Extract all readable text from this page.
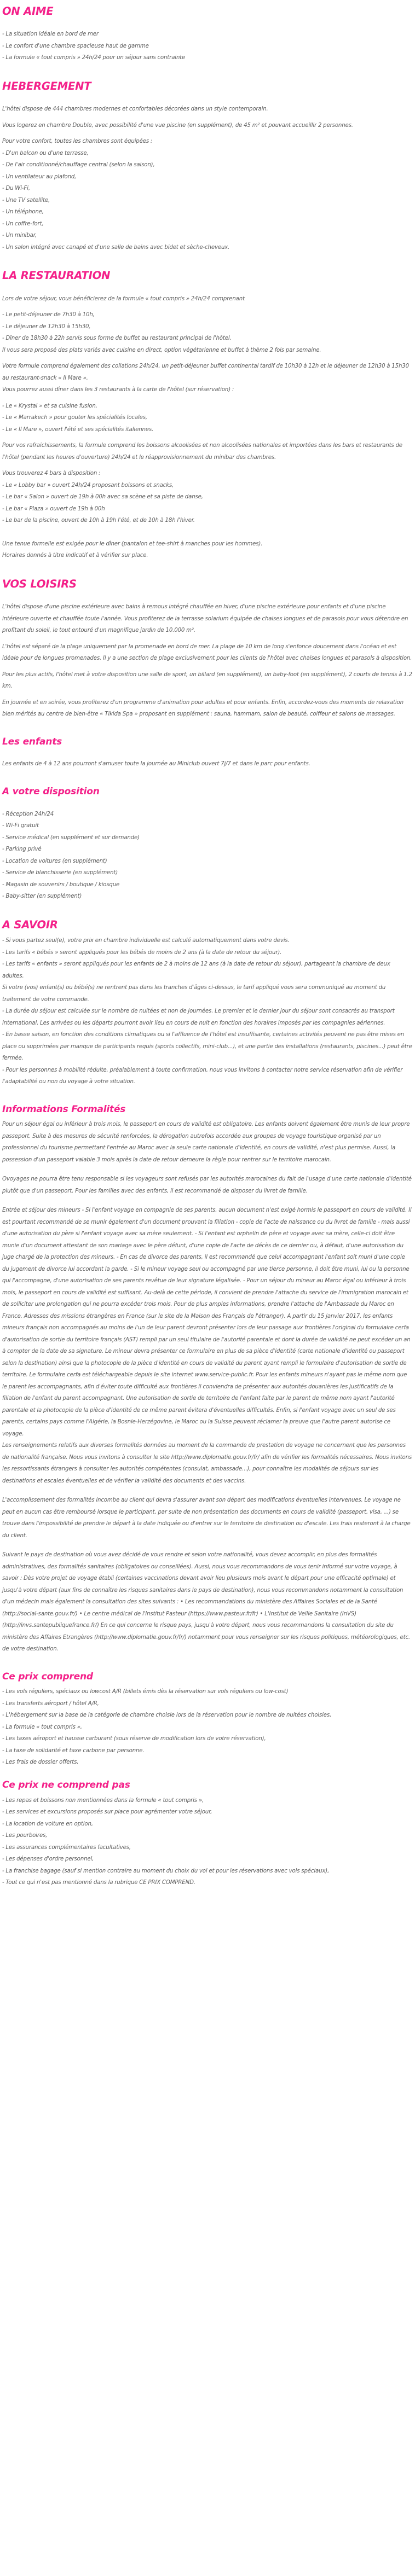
ON AIME
- La situation idéale en bord de mer
- Le confort d'une chambre spacieuse haut de gamme
- La formule « tout compris » 24h/24 pour un séjour sans contrainte
HEBERGEMENT

L'hôtel dispose de 444 chambres modernes et confortables décorées dans un style contemporain.

Vous logerez en chambre Double, avec possibilité d'une vue piscine (en supplément), de 45 m² et pouvant accueillir 2 personnes.

Pour votre confort, toutes les chambres sont équipées :

- D'un balcon ou d'une terrasse,
- De l'air conditionné/chauffage central (selon la saison),
- Un ventilateur au plafond,
- Du Wi-Fi,
- Une TV satellite,
- Un téléphone,
- Un coffre-fort,
- Un minibar,
- Un salon intégré avec canapé et d'une salle de bains avec bidet et sèche-cheveux.
LA RESTAURATION

Lors de votre séjour, vous bénéficierez de la formule « tout compris » 24h/24 comprenant

- Le petit-déjeuner de 7h30 à 10h,
- Le déjeuner de 12h30 à 15h30,
- Dîner de 18h30 à 22h servis sous forme de buffet au restaurant principal de l'hôtel.
Il vous sera proposé des plats variés avec cuisine en direct, option végétarienne et buffet à thème 2 fois par semaine.

Votre formule comprend également des collations 24h/24, un petit-déjeuner buffet continental tardif de 10h30 à 12h et le déjeuner de 12h30 à 15h30 au restaurant-snack « Il Mare ».

Vous pourrez aussi dîner dans les 3 restaurants à la carte de l'hôtel (sur réservation) :

- Le « Krystal » et sa cuisine fusion,
- Le « Marrakech » pour gouter les spécialités locales,
- Le « Il Mare », ouvert l'été et ses spécialités italiennes.

Pour vos rafraichissements, la formule comprend les boissons alcoolisées et non alcoolisées nationales et importées dans les bars et restaurants de l'hôtel (pendant les heures d'ouverture) 24h/24 et le réapprovisionnement du minibar des chambres.

Vous trouverez 4 bars à disposition :

- Le « Lobby bar » ouvert 24h/24 proposant boissons et snacks,
- Le bar « Salon » ouvert de 19h à 00h avec sa scène et sa piste de danse,
- Le bar « Plaza » ouvert de 19h à 00h
- Le bar de la piscine, ouvert de 10h à 19h l'été, et de 10h à 18h l'hiver.

Une tenue formelle est exigée pour le dîner (pantalon et tee-shirt à manches pour les hommes).

Horaires donnés à titre indicatif et à vérifier sur place.

VOS LOISIRS

L'hôtel dispose d'une piscine extérieure avec bains à remous intégré chauffée en hiver, d'une piscine extérieure pour enfants et d'une piscine intérieure ouverte et chauffée toute l'année. Vous profiterez de la terrasse solarium équipée de chaises longues et de parasols pour vous détendre en profitant du soleil, le tout entouré d'un magnifique jardin de 10.000 m².

L'hôtel est séparé de la plage uniquement par la promenade en bord de mer. La plage de 10 km de long s'enfonce doucement dans l'océan et est idéale pour de longues promenades. Il y a une section de plage exclusivement pour les clients de l'hôtel avec chaises longues et parasols à disposition.

Pour les plus actifs, l'hôtel met à votre disposition une salle de sport, un billard (en supplément), un baby-foot (en supplément), 2 courts de tennis à 1.2 km.

En journée et en soirée, vous profiterez d'un programme d'animation pour adultes et pour enfants. Enfin, accordez-vous des moments de relaxation bien mérités au centre de bien-être « Tikida Spa » proposant en supplément : sauna, hammam, salon de beauté, coiffeur et salons de massages.

Les enfants

Les enfants de 4 à 12 ans pourront s'amuser toute la journée au Miniclub ouvert 7j/7 et dans le parc pour enfants.

A votre disposition
- Réception 24h/24
- Wi-Fi gratuit
- Service médical (en supplément et sur demande)
- Parking privé
- Location de voitures (en supplément)
- Service de blanchisserie (en supplément)
- Magasin de souvenirs / boutique / kiosque
- Baby-sitter (en supplément)
A SAVOIR
- Si vous partez seul(e), votre prix en chambre individuelle est calculé automatiquement dans votre devis.
- Les tarifs « bébés » seront appliqués pour les bébés de moins de 2 ans (à la date de retour du séjour).
- Les tarifs « enfants » seront appliqués pour les enfants de 2 à moins de 12 ans (à la date de retour du séjour), partageant la chambre de deux adultes.
Si votre (vos) enfant(s) ou bébé(s) ne rentrent pas dans les tranches d'âges ci-dessus, le tarif appliqué vous sera communiqué au moment du traitement de votre commande.
- La durée du séjour est calculée sur le nombre de nuitées et non de journées. Le premier et le dernier jour du séjour sont consacrés au transport international. Les arrivées ou les départs pourront avoir lieu en cours de nuit en fonction des horaires imposés par les compagnies aériennes.
- En basse saison, en fonction des conditions climatiques ou si l'affluence de l'hôtel est insuffisante, certaines activités peuvent ne pas être mises en place ou supprimées par manque de participants requis (sports collectifs, mini-club...), et une partie des installations (restaurants, piscines...) peut être fermée.
- Pour les personnes à mobilité réduite, préalablement à toute confirmation, nous vous invitons à contacter notre service réservation afin de vérifier l'adaptabilité ou non du voyage à votre situation.
Informations Formalités
Pour un séjour égal ou inférieur à trois mois, le passeport en cours de validité est obligatoire. Les enfants doivent également être munis de leur propre passeport. Suite à des mesures de sécurité renforcées, la dérogation autrefois accordée aux groupes de voyage touristique organisé par un professionnel du tourisme permettant l'entrée au Maroc avec la seule carte nationale d'identité, en cours de validité, n'est plus permise. Aussi, la possession d'un passeport valable 3 mois après la date de retour demeure la règle pour rentrer sur le territoire marocain.
Ovoyages ne pourra être tenu responsable si les voyageurs sont refusés par les autorités marocaines du fait de l'usage d'une carte nationale d'identité plutôt que d'un passeport. Pour les familles avec des enfants, il est recommandé de disposer du livret de famille.
Entrée et séjour des mineurs - Si l'enfant voyage en compagnie de ses parents, aucun document n'est exigé hormis le passeport en cours de validité. Il est pourtant recommandé de se munir également d'un document prouvant la filiation - copie de l'acte de naissance ou du livret de famille - mais aussi d'une autorisation du père si l'enfant voyage avec sa mère seulement. - Si l'enfant est orphelin de père et voyage avec sa mère, celle-ci doit être munie d'un document attestant de son mariage avec le père défunt, d'une copie de l'acte de décès de ce dernier ou, à défaut, d'une autorisation du juge chargé de la protection des mineurs. - En cas de divorce des parents, il est recommandé que celui accompagnant l'enfant soit muni d'une copie du jugement de divorce lui accordant la garde. - Si le mineur voyage seul ou accompagné par une tierce personne, il doit être muni, lui ou la personne qui l'accompagne, d'une autorisation de ses parents revêtue de leur signature légalisée. - Pour un séjour du mineur au Maroc égal ou inférieur à trois mois, le passeport en cours de validité est suffisant. Au-delà de cette période, il convient de prendre l'attache du service de l'immigration marocain et de solliciter une prolongation qui ne pourra excéder trois mois. Pour de plus amples informations, prendre l'attache de l'Ambassade du Maroc en France. Adresses des missions étrangères en France (sur le site de la Maison des Français de l'étranger). A partir du 15 janvier 2017, les enfants mineurs français non accompagnés au moins de l'un de leur parent devront présenter lors de leur passage aux frontières l'original du formulaire cerfa d'autorisation de sortie du territoire français (AST) rempli par un seul titulaire de l'autorité parentale et dont la durée de validité ne peut excéder un an à compter de la date de sa signature. Le mineur devra présenter ce formulaire en plus de sa pièce d'identité (carte nationale d'identité ou passeport selon la destination) ainsi que la photocopie de la pièce d'identité en cours de validité du parent ayant rempli le formulaire d'autorisation de sortie de territoire. Le formulaire cerfa est téléchargeable depuis le site internet www.service-public.fr. Pour les enfants mineurs n'ayant pas le même nom que le parent les accompagnants, afin d'éviter toute difficulté aux frontières il conviendra de présenter aux autorités douanières les justificatifs de la filiation de l'enfant du parent accompagnant. Une autorisation de sortie de territoire de l'enfant faite par le parent de même nom ayant l'autorité parentale et la photocopie de la pièce d'identité de ce même parent évitera d'éventuelles difficultés. Enfin, si l'enfant voyage avec un seul de ses parents, certains pays comme l'Algérie, la Bosnie-Herzégovine, le Maroc ou la Suisse peuvent réclamer la preuve que l'autre parent autorise ce voyage.
Les renseignements relatifs aux diverses formalités données au moment de la commande de prestation de voyage ne concernent que les personnes de nationalité française. Nous vous invitons à consulter le site http://www.diplomatie.gouv.fr/fr/ afin de vérifier les formalités nécessaires. Nous invitons les ressortissants étrangers à consulter les autorités compétentes (consulat, ambassade...), pour connaître les modalités de séjours sur les destinations et escales éventuelles et de vérifier la validité des documents et des vaccins.
L'accomplissement des formalités incombe au client qui devra s'assurer avant son départ des modifications éventuelles intervenues. Le voyage ne peut en aucun cas être remboursé lorsque le participant, par suite de non présentation des documents en cours de validité (passeport, visa, ...) se trouve dans l'impossibilité de prendre le départ à la date indiquée ou d'entrer sur le territoire de destination ou d'escale. Les frais resteront à la charge du client.
Suivant le pays de destination où vous avez décidé de vous rendre et selon votre nationalité, vous devez accomplir, en plus des formalités administratives, des formalités sanitaires (obligatoires ou conseillées). Aussi, nous vous recommandons de vous tenir informé sur votre voyage, à savoir : Dès votre projet de voyage établi (certaines vaccinations devant avoir lieu plusieurs mois avant le départ pour une efficacité optimale) et jusqu'à votre départ (aux fins de connaître les risques sanitaires dans le pays de destination), nous vous recommandons notamment la consultation d'un médecin mais également la consultation des sites suivants : • Les recommandations du ministère des Affaires Sociales et de la Santé (http://social-sante.gouv.fr/) • Le centre médical de l'Institut Pasteur (https://www.pasteur.fr/fr) • L'Institut de Veille Sanitaire (InVS) (http://invs.santepubliquefrance.fr/) En ce qui concerne le risque pays, jusqu'à votre départ, nous vous recommandons la consultation du site du ministère des Affaires Etrangères (http://www.diplomatie.gouv.fr/fr/) notamment pour vous renseigner sur les risques politiques, météorologiques, etc. de votre destination.
Ce prix comprend
- Les vols réguliers, spéciaux ou lowcost A/R (billets émis dès la réservation sur vols réguliers ou low-cost)
- Les transferts aéroport / hôtel A/R,
- L'hébergement sur la base de la catégorie de chambre choisie lors de la réservation pour le nombre de nuitées choisies,
- La formule « tout compris »,
- Les taxes aéroport et hausse carburant (sous réserve de modification lors de votre réservation),
- La taxe de solidarité et taxe carbone par personne.
- Les frais de dossier offerts.
Ce prix ne comprend pas
- Les repas et boissons non mentionnées dans la formule « tout compris »,
- Les services et excursions proposés sur place pour agrémenter votre séjour,
- La location de voiture en option,
- Les pourboires,
- Les assurances complémentaires facultatives,
- Les dépenses d'ordre personnel,
- La franchise bagage (sauf si mention contraire au moment du choix du vol et pour les réservations avec vols spéciaux),
- Tout ce qui n'est pas mentionné dans la rubrique CE PRIX COMPREND.
